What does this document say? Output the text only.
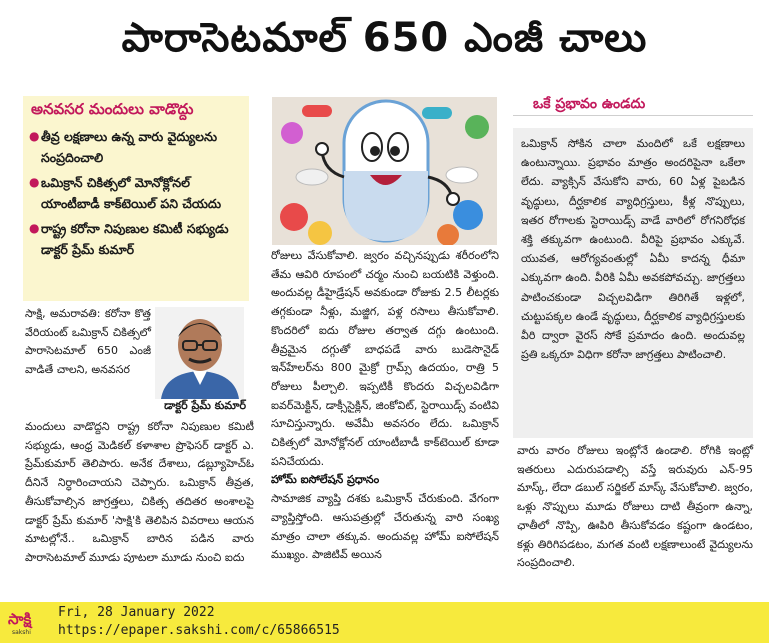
పారాసెటమాల్ 650 ఎంజీ చాలు
అనవసర మందులు వాడొద్దు
● తీవ్ర లక్షణాలు ఉన్న వారు వైద్యులను సంప్రదించాలి
● ఒమిక్రాన్ చికిత్సలో మోనోక్లోనల్ యాంటీబాడీ కాక్‌టెయిల్ పని చేయదు
● రాష్ట్ర కరోనా నిపుణుల కమిటీ సభ్యుడు డాక్టర్ ప్రేమ్ కుమార్
ఒకే ప్రభావం ఉండదు
ఒమిక్రాన్ సోకిన చాలా మందిలో ఒకే లక్షణాలు ఉంటున్నాయి. ప్రభావం మాత్రం అందరిపైనా ఒకేలా లేదు. వ్యాక్సిన్ వేసుకోని వారు, 60 ఏళ్ల పైబడిన వృద్ధులు, దీర్ఘకాలిక వ్యాధిగ్రస్తులు, కీళ్ల నొప్పులు, ఇతర రోగాలకు స్టెరాయిడ్స్ వాడే వారిలో రోగనిరోధక శక్తి తక్కువగా ఉంటుంది. వీరిపై ప్రభావం ఎక్కువే. యువత, ఆరోగ్యవంతుల్లో ఏమీ కాదన్న ధీమా ఎక్కువగా ఉంది. వీరికి ఏమీ అవకపోవచ్చు. జాగ్రత్తలు పాటించకుండా విచ్చలవిడిగా తిరిగితే ఇళ్లలో, చుట్టుపక్కల ఉండే వృద్ధులు, దీర్ఘకాలిక వ్యాధిగ్రస్తులకు వీరి ద్వారా వైరస్ సోకే ప్రమాదం ఉంది. అందువల్ల ప్రతి ఒక్కరూ విధిగా కరోనా జాగ్రత్తలు పాటించాలి.
వారు వారం రోజులు ఇంట్లోనే ఉండాలి. రోగికి ఇంట్లో ఇతరులు ఎదురుపడాల్సి వస్తే ఇరువురు ఎన్-95 మాస్క్, లేదా డబుల్ సర్జికల్ మాస్క్ వేసుకోవాలి. జ్వరం, ఒళ్లు నొప్పులు మూడు రోజులు దాటి తీవ్రంగా ఉన్నా, ఛాతీలో నొప్పి, ఊపిరి తీసుకోవడం కష్టంగా ఉండటం, కళ్లు తిరిగిపడటం, మగత వంటి లక్షణాలుంటే వైద్యులను సంప్రదించాలి.
సాక్షి, అమరావతి: కరోనా కొత్త వేరియంట్ ఒమిక్రాన్ చికిత్సలో పారాసెటమాల్ 650 ఎంజీ వాడితే చాలని, అనవసర
డాక్టర్ ప్రేమ్ కుమార్
మందులు వాడొద్దని రాష్ట్ర కరోనా నిపుణుల కమిటీ సభ్యుడు, ఆంధ్ర మెడికల్ కళాశాల ప్రొఫెసర్ డాక్టర్ ఎ. ప్రేమ్‌కుమార్ తెలిపారు. అనేక దేశాలు, డబ్ల్యూహెచ్‌ఓ దీనినే నిర్ధారించాయని చెప్పారు. ఒమిక్రాన్ తీవ్రత, తీసుకోవాల్సిన జాగ్రత్తలు, చికిత్స తదితర అంశాలపై డాక్టర్ ప్రేమ్ కుమార్ 'సాక్షి'కి తెలిపిన వివరాలు ఆయన మాటల్లోనే.. ఒమిక్రాన్ బారిన పడిన వారు పారాసెటమాల్ మూడు పూటలా మూడు నుంచి ఐదు
రోజులు వేసుకోవాలి. జ్వరం వచ్చినప్పుడు శరీరంలోని తేమ ఆవిరి రూపంలో చర్మం నుంచి బయటికి వెళ్తుంది. అందువల్ల డీహైడ్రేషన్ అవకుండా రోజుకు 2.5 లీటర్లకు తగ్గకుండా నీళ్లు, మజ్జిగ, పళ్ల రసాలు తీసుకోవాలి. కొందరిలో ఐదు రోజుల తర్వాత దగ్గు ఉంటుంది. తీవ్రమైన దగ్గుతో బాధపడే వారు బుడెసొనైడ్ ఇన్‌హేలర్‌ను 800 మైక్రో గ్రామ్స్ ఉదయం, రాత్రి 5 రోజులు పీల్చాలి. ఇప్పటికీ కొందరు విచ్చలవిడిగా ఐవర్‌మెక్టిన్, డాక్సీసైక్లిన్, జింకోవిట్, స్టెరాయిడ్స్ వంటివి సూచిస్తున్నారు. అవేమీ అవసరం లేదు. ఒమిక్రాన్ చికిత్సలో మోనోక్లోనల్ యాంటీబాడీ కాక్‌టెయిల్ కూడా పనిచేయదు.
హోమ్ ఐసోలేషన్ ప్రధానం
సామాజిక వ్యాప్తి దశకు ఒమిక్రాన్ చేరుకుంది. వేగంగా వ్యాప్తిస్తోంది. ఆసుపత్రుల్లో చేరుతున్న వారి సంఖ్య మాత్రం చాలా తక్కువ. అందువల్ల హోమ్ ఐసోలేషన్ ముఖ్యం. పాజిటివ్ అయిన
సాక్షి
sakshi
Fri, 28 January 2022
https://epaper.sakshi.com/c/65866515
